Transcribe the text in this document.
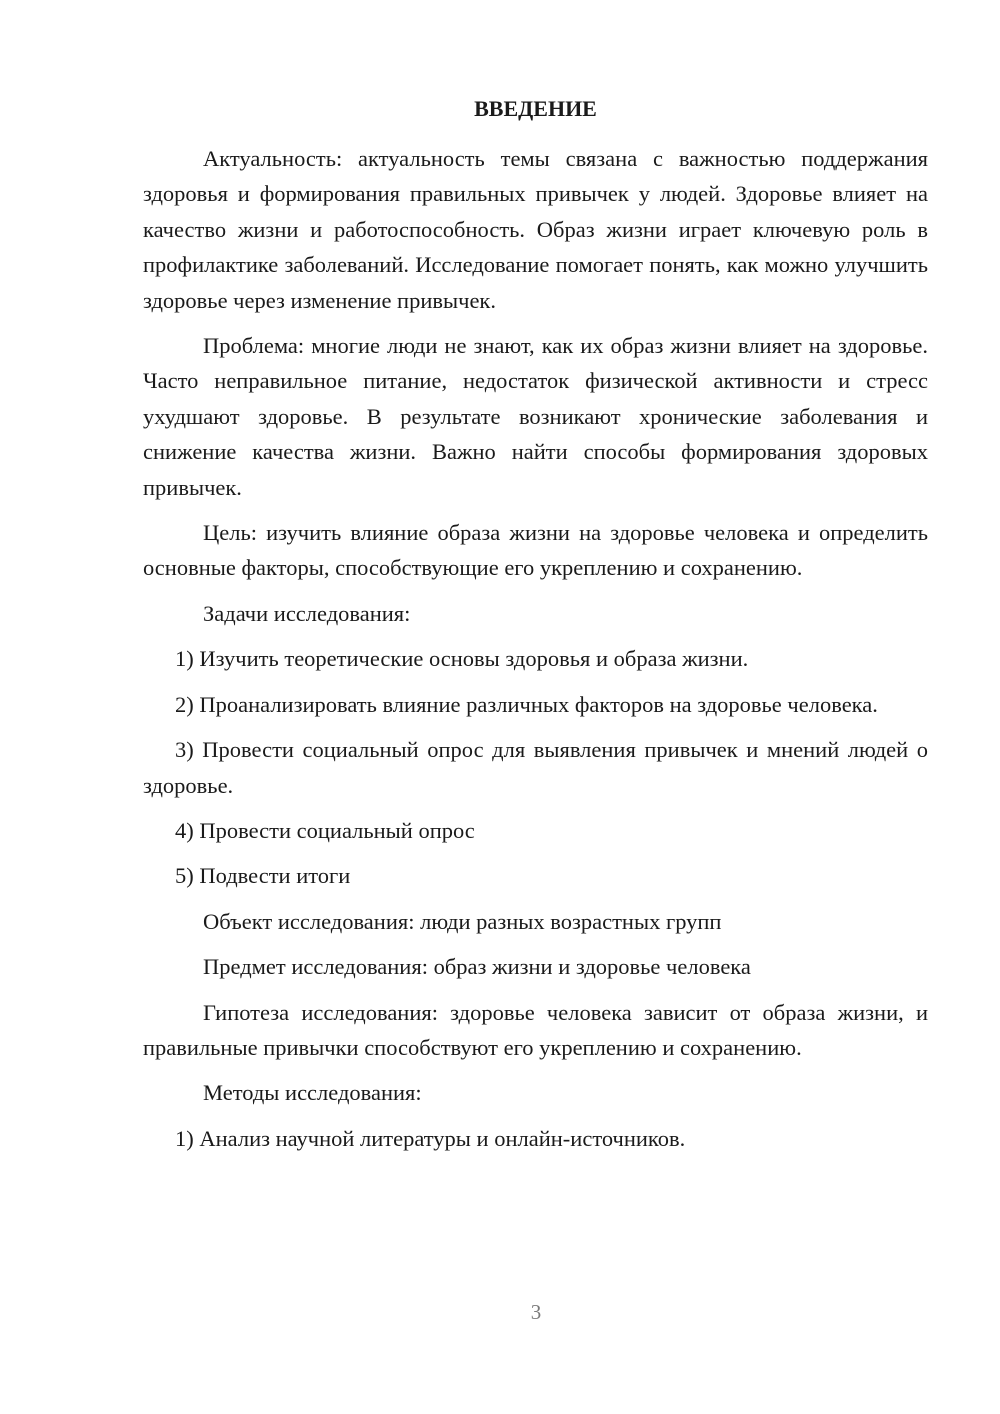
ВВЕДЕНИЕ
Актуальность: актуальность темы связана с важностью поддержания здоровья и формирования правильных привычек у людей. Здоровье влияет на качество жизни и работоспособность. Образ жизни играет ключевую роль в профилактике заболеваний. Исследование помогает понять, как можно улучшить здоровье через изменение привычек.
Проблема: многие люди не знают, как их образ жизни влияет на здоровье. Часто неправильное питание, недостаток физической активности и стресс ухудшают здоровье. В результате возникают хронические заболевания и снижение качества жизни. Важно найти способы формирования здоровых привычек.
Цель: изучить влияние образа жизни на здоровье человека и определить основные факторы, способствующие его укреплению и сохранению.
Задачи исследования:
1) Изучить теоретические основы здоровья и образа жизни.
2) Проанализировать влияние различных факторов на здоровье человека.
3) Провести социальный опрос для выявления привычек и мнений людей о здоровье.
4) Провести социальный опрос
5) Подвести итоги
Объект исследования: люди разных возрастных групп
Предмет исследования: образ жизни и здоровье человека
Гипотеза исследования: здоровье человека зависит от образа жизни, и правильные привычки способствуют его укреплению и сохранению.
Методы исследования:
1) Анализ научной литературы и онлайн-источников.
3
